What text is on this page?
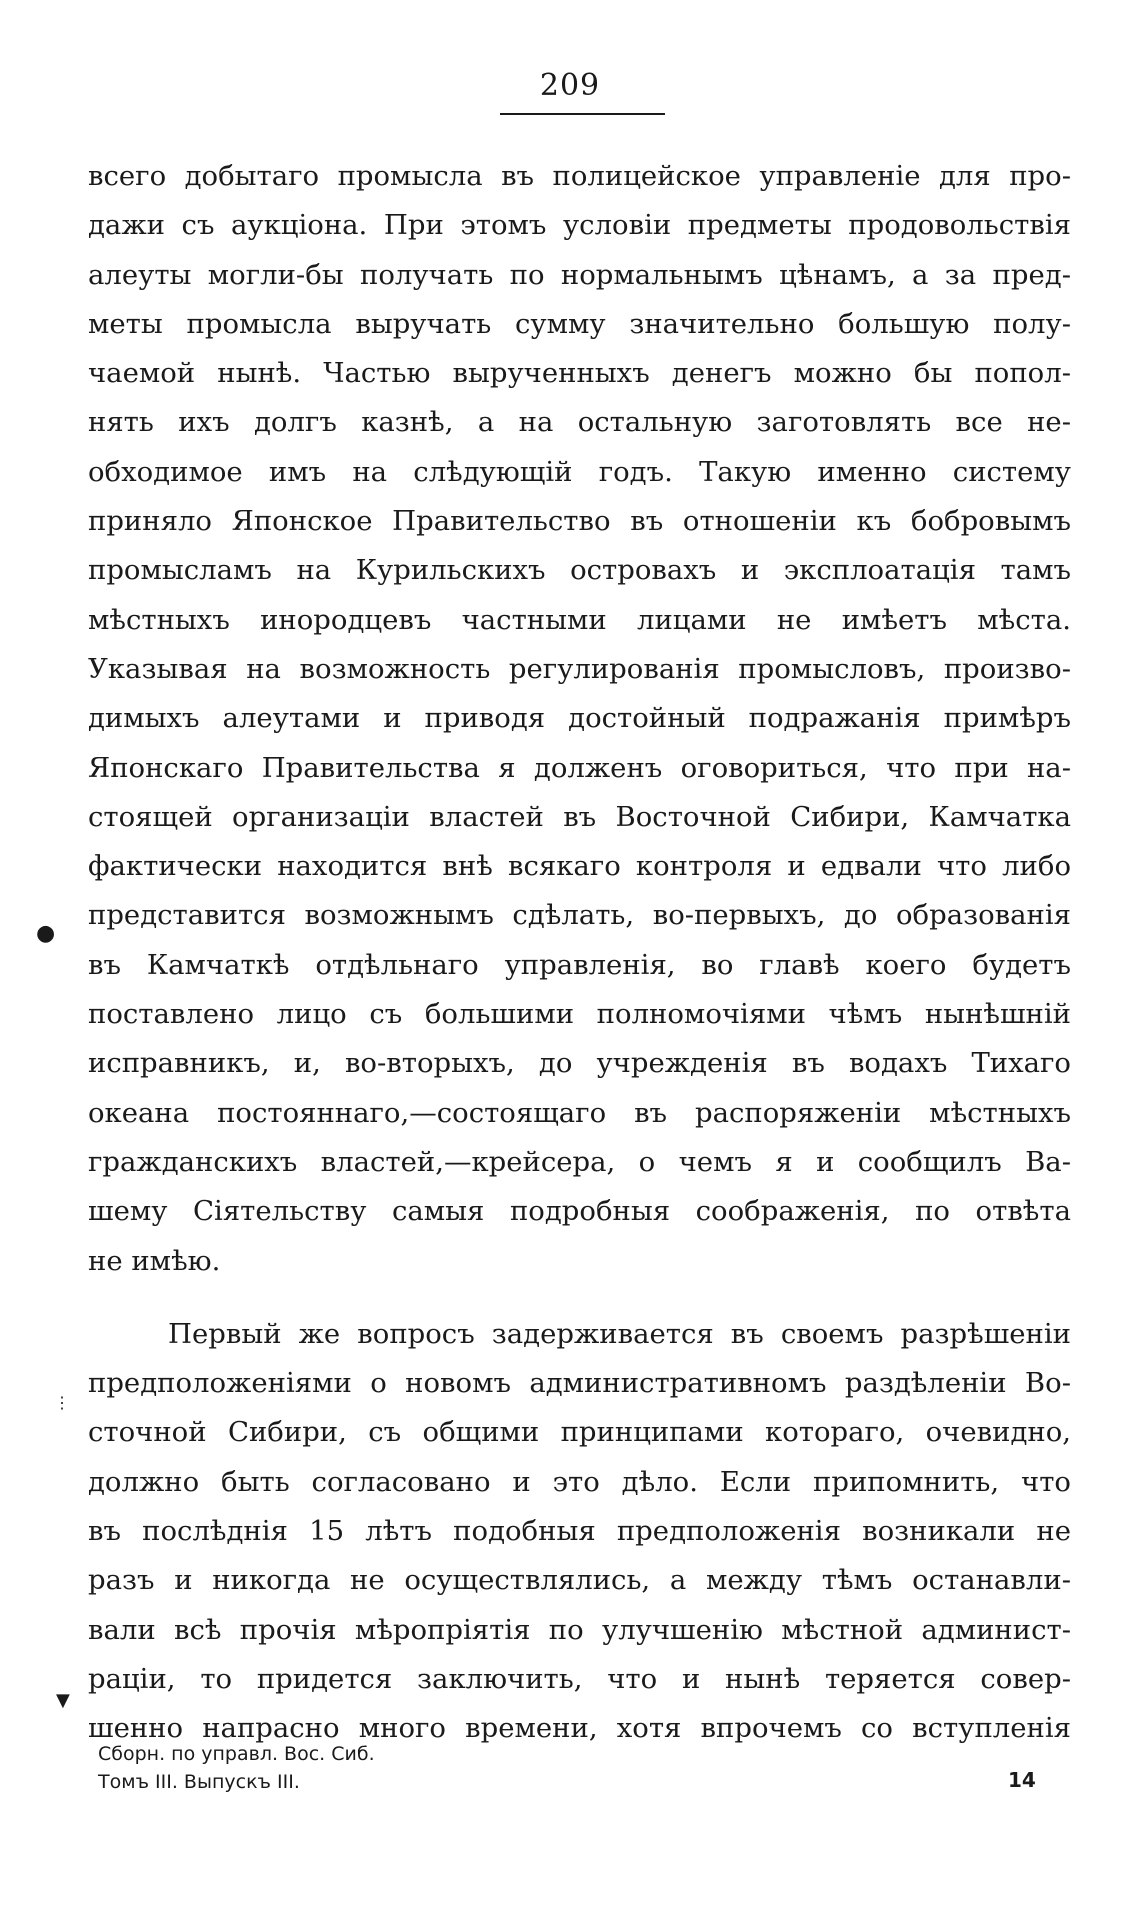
209
●
⋮
▼
всего добытаго промысла въ полицейское управленіе для про-
дажи съ аукціона. При этомъ условіи предметы продовольствія
алеуты могли-бы получать по нормальнымъ цѣнамъ, а за пред-
меты промысла выручать сумму значительно большую полу-
чаемой нынѣ. Частью вырученныхъ денегъ можно бы попол-
нять ихъ долгъ казнѣ, а на остальную заготовлять все не-
обходимое имъ на слѣдующій годъ. Такую именно систему
приняло Японское Правительство въ отношеніи къ бобровымъ
промысламъ на Курильскихъ островахъ и эксплоатація тамъ
мѣстныхъ инородцевъ частными лицами не имѣетъ мѣста.
Указывая на возможность регулированія промысловъ, произво-
димыхъ алеутами и приводя достойный подражанія примѣръ
Японскаго Правительства я долженъ оговориться, что при на-
стоящей организаціи властей въ Восточной Сибири, Камчатка
фактически находится внѣ всякаго контроля и едвали что либо
представится возможнымъ сдѣлать, во-первыхъ, до образованія
въ Камчаткѣ отдѣльнаго управленія, во главѣ коего будетъ
поставлено лицо съ большими полномочіями чѣмъ нынѣшній
исправникъ, и, во-вторыхъ, до учрежденія въ водахъ Тихаго
океана постояннаго,—состоящаго въ распоряженіи мѣстныхъ
гражданскихъ властей,—крейсера, о чемъ я и сообщилъ Ва-
шему Сіятельству самыя подробныя соображенія, по отвѣта
не имѣю.
Первый же вопросъ задерживается въ своемъ разрѣшеніи
предположеніями о новомъ административномъ раздѣленіи Во-
сточной Сибири, съ общими принципами котораго, очевидно,
должно быть согласовано и это дѣло. Если припомнить, что
въ послѣднія 15 лѣтъ подобныя предположенія возникали не
разъ и никогда не осуществлялись, а между тѣмъ останавли-
вали всѣ прочія мѣропріятія по улучшенію мѣстной админист-
раціи, то придется заключить, что и нынѣ теряется совер-
шенно напрасно много времени, хотя впрочемъ со вступленія
Сборн. по управл. Вос. Сиб.
Томъ III. Выпускъ III.	14
